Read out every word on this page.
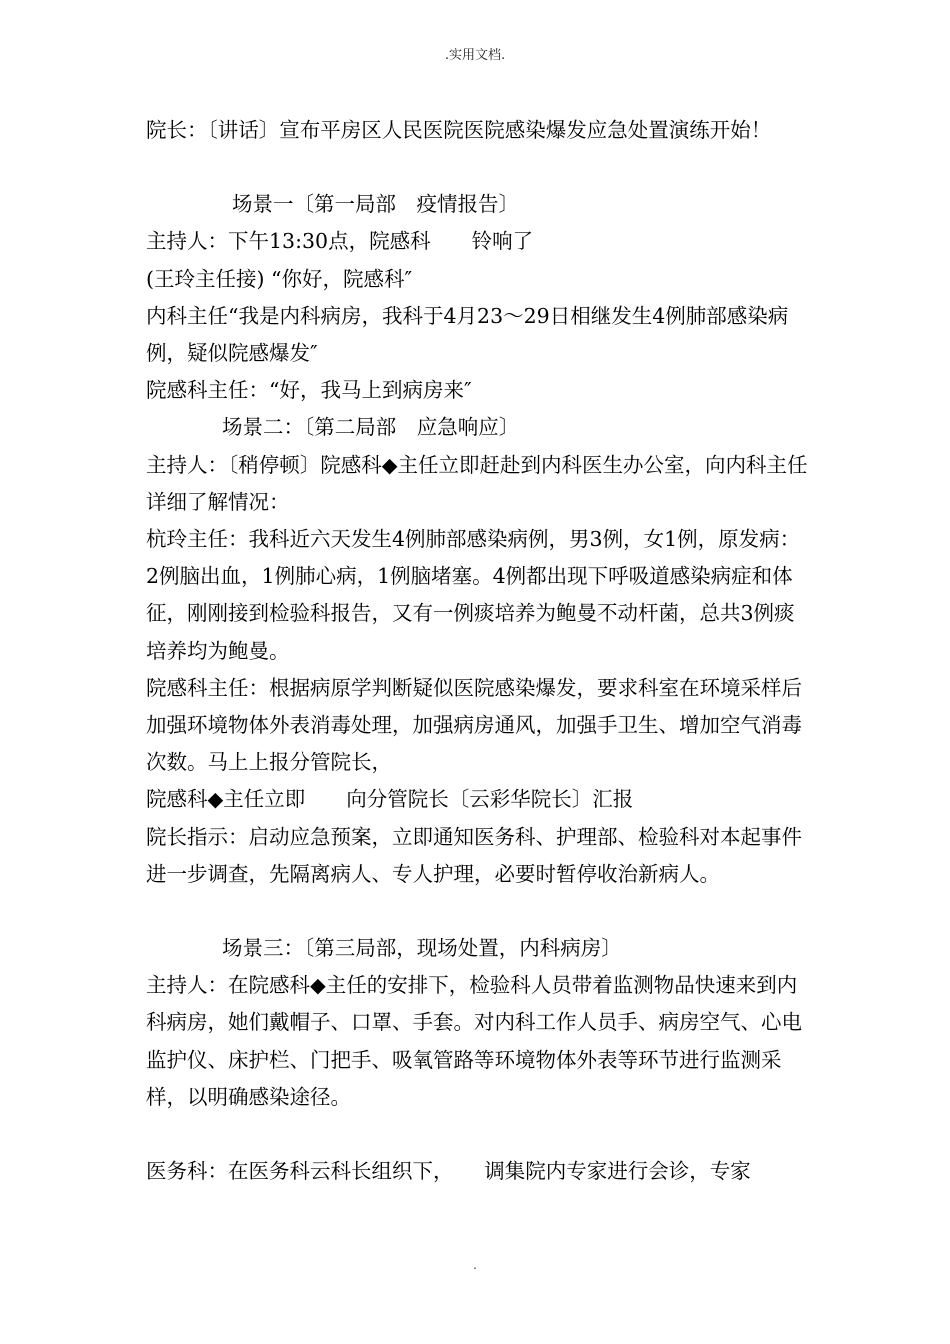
.实用文档.

院长：〔讲话〕宣布平房区人民医院医院感染爆发应急处置演练开始！

场景一〔第一局部　疫情报告〕

主持人：下午13:30点，院感科　　铃响了

(王玲主任接) “你好，院感科″

内科主任“我是内科病房，我科于4月23～29日相继发生4例肺部感染病例，疑似院感爆发″

院感科主任：“好，我马上到病房来″

场景二：〔第二局部　应急响应〕

主持人：〔稍停顿〕院感科◆主任立即赶赴到内科医生办公室，向内科主任详细了解情况：

杭玲主任：我科近六天发生4例肺部感染病例，男3例，女1例，原发病：2例脑出血，1例肺心病，1例脑堵塞。4例都出现下呼吸道感染病症和体征，刚刚接到检验科报告，又有一例痰培养为鲍曼不动杆菌，总共3例痰培养均为鲍曼。

院感科主任：根据病原学判断疑似医院感染爆发，要求科室在环境采样后加强环境物体外表消毒处理，加强病房通风，加强手卫生、增加空气消毒次数。马上上报分管院长，

院感科◆主任立即　　向分管院长〔云彩华院长〕汇报

院长指示：启动应急预案，立即通知医务科、护理部、检验科对本起事件进一步调查，先隔离病人、专人护理，必要时暂停收治新病人。

场景三：〔第三局部，现场处置，内科病房〕

主持人：在院感科◆主任的安排下，检验科人员带着监测物品快速来到内科病房，她们戴帽子、口罩、手套。对内科工作人员手、病房空气、心电监护仪、床护栏、门把手、吸氧管路等环境物体外表等环节进行监测采样，以明确感染途径。

医务科：在医务科云科长组织下，　　调集院内专家进行会诊，专家

.
